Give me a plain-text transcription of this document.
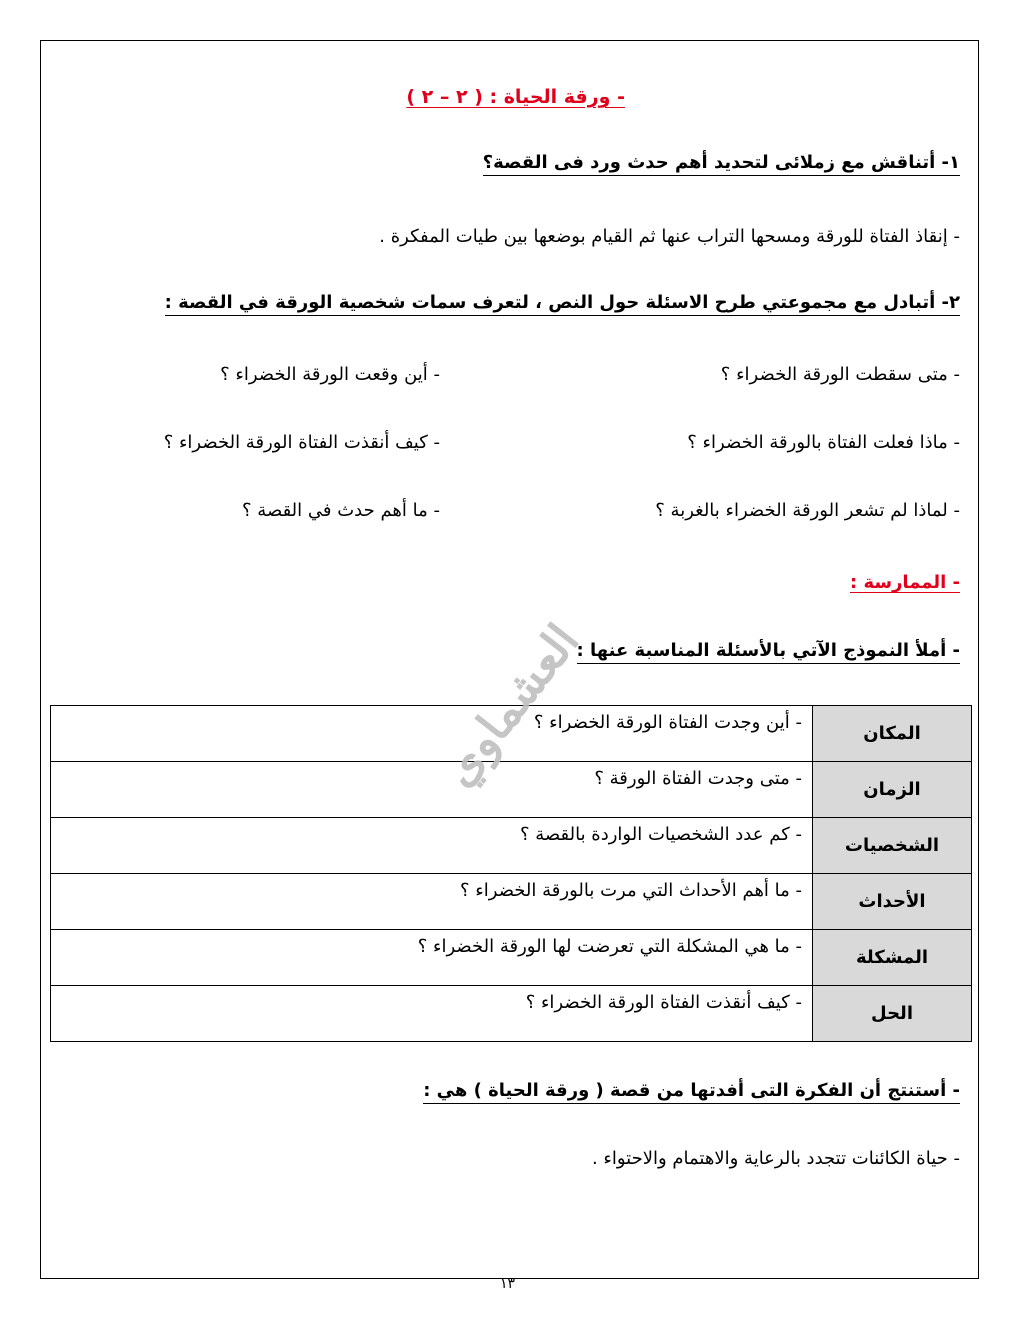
- ورقة الحياة : ( ٢ – ٢ )
١- أتناقش مع زملائى لتحديد أهم حدث ورد فى القصة؟
- إنقاذ الفتاة للورقة ومسحها التراب عنها ثم القيام بوضعها بين طيات المفكرة .
٢- أتبادل مع مجموعتي طرح الاسئلة حول النص ، لتعرف سمات شخصية الورقة في القصة :
- متى سقطت الورقة الخضراء ؟
- أين وقعت الورقة الخضراء ؟
- ماذا فعلت الفتاة بالورقة الخضراء ؟
- كيف أنقذت الفتاة الورقة الخضراء ؟
- لماذا لم تشعر الورقة الخضراء بالغربة ؟
- ما أهم حدث في القصة ؟
- الممارسة :
- أملأ النموذج الآتي بالأسئلة المناسبة عنها :
المكان	- أين وجدت الفتاة الورقة الخضراء ؟
الزمان	- متى وجدت الفتاة الورقة ؟
الشخصيات	- كم عدد الشخصيات الواردة بالقصة ؟
الأحداث	- ما أهم الأحداث التي مرت بالورقة الخضراء ؟
المشكلة	- ما هي المشكلة التي تعرضت لها الورقة الخضراء ؟
الحل	- كيف أنقذت الفتاة الورقة الخضراء ؟
العشماوي
- أستنتج أن الفكرة التى أفدتها من قصة ( ورقة الحياة ) هي :
- حياة الكائنات تتجدد بالرعاية والاهتمام والاحتواء .
١٣
